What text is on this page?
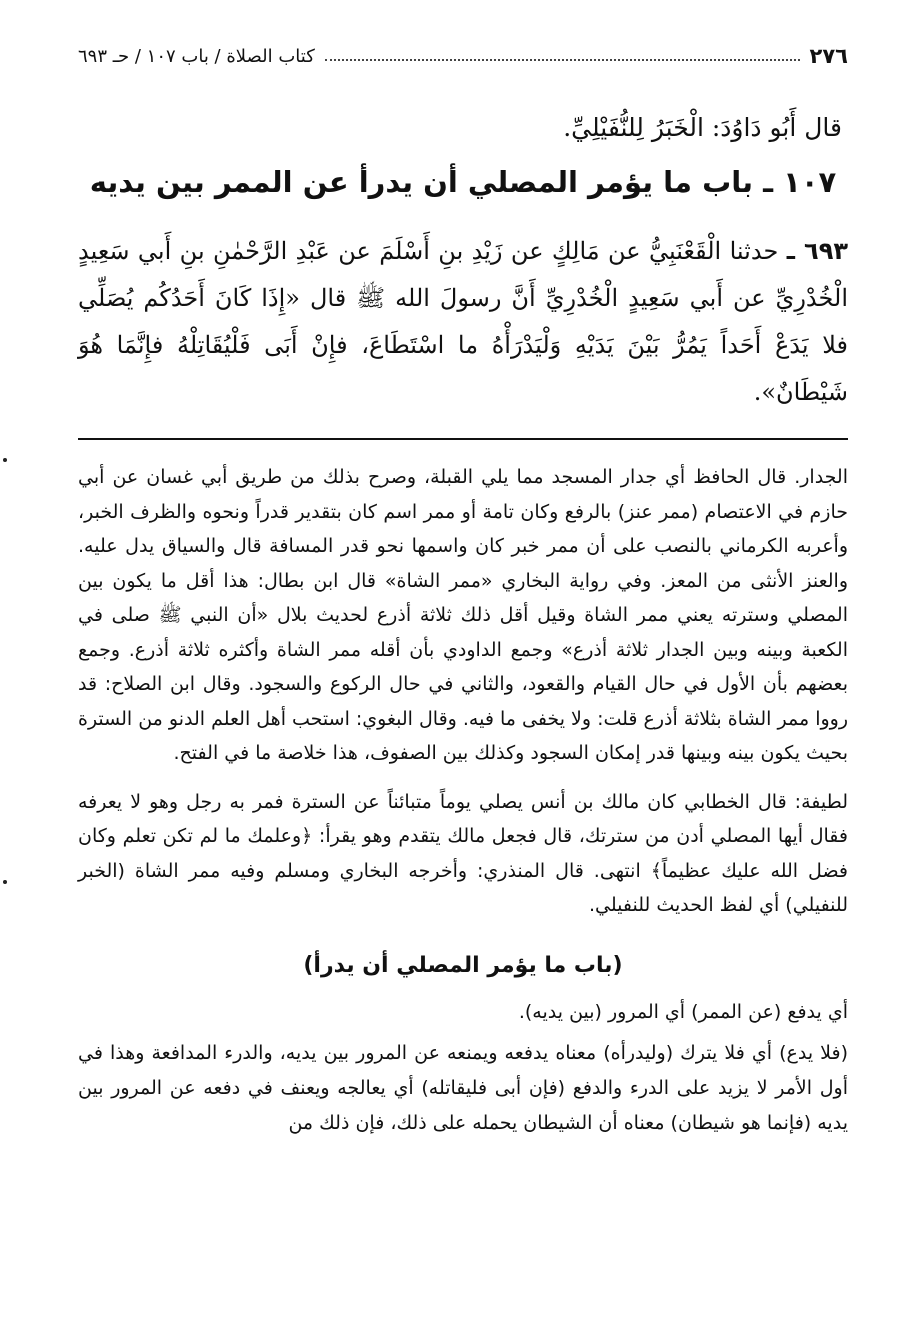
٢٧٦
كتاب الصلاة / باب ١٠٧ / حـ ٦٩٣
قال أَبُو دَاوُدَ: الْخَبَرُ لِلنُّفَيْلِيِّ.
١٠٧ ـ باب ما يؤمر المصلي أن يدرأ عن الممر بين يديه
٦٩٣ ـ حدثنا الْقَعْنَبِيُّ عن مَالِكٍ عن زَيْدِ بنِ أَسْلَمَ عن عَبْدِ الرَّحْمٰنِ بنِ أَبي سَعِيدٍ الْخُدْرِيِّ عن أَبي سَعِيدٍ الْخُدْرِيِّ أَنَّ رسولَ الله ﷺ قال «إِذَا كَانَ أَحَدُكُم يُصَلِّي فلا يَدَعْ أَحَداً يَمُرُّ بَيْنَ يَدَيْهِ وَلْيَدْرَأْهُ ما اسْتَطَاعَ، فإِنْ أَبَى فَلْيُقَاتِلْهُ فإِنَّمَا هُوَ شَيْطَانٌ».

الجدار. قال الحافظ أي جدار المسجد مما يلي القبلة، وصرح بذلك من طريق أبي غسان عن أبي حازم في الاعتصام (ممر عنز) بالرفع وكان تامة أو ممر اسم كان بتقدير قدراً ونحوه والظرف الخبر، وأعربه الكرماني بالنصب على أن ممر خبر كان واسمها نحو قدر المسافة قال والسياق يدل عليه. والعنز الأنثى من المعز. وفي رواية البخاري «ممر الشاة» قال ابن بطال: هذا أقل ما يكون بين المصلي وسترته يعني ممر الشاة وقيل أقل ذلك ثلاثة أذرع لحديث بلال «أن النبي ﷺ صلى في الكعبة وبينه وبين الجدار ثلاثة أذرع» وجمع الداودي بأن أقله ممر الشاة وأكثره ثلاثة أذرع. وجمع بعضهم بأن الأول في حال القيام والقعود، والثاني في حال الركوع والسجود. وقال ابن الصلاح: قد رووا ممر الشاة بثلاثة أذرع قلت: ولا يخفى ما فيه. وقال البغوي: استحب أهل العلم الدنو من السترة بحيث يكون بينه وبينها قدر إمكان السجود وكذلك بين الصفوف، هذا خلاصة ما في الفتح.

لطيفة: قال الخطابي كان مالك بن أنس يصلي يوماً متبائناً عن السترة فمر به رجل وهو لا يعرفه فقال أيها المصلي أدن من سترتك، قال فجعل مالك يتقدم وهو يقرأ: ﴿وعلمك ما لم تكن تعلم وكان فضل الله عليك عظيماً﴾ انتهى. قال المنذري: وأخرجه البخاري ومسلم وفيه ممر الشاة (الخبر للنفيلي) أي لفظ الحديث للنفيلي.

(باب ما يؤمر المصلي أن يدرأ)

أي يدفع (عن الممر) أي المرور (بين يديه).

(فلا يدع) أي فلا يترك (وليدرأه) معناه يدفعه ويمنعه عن المرور بين يديه، والدرء المدافعة وهذا في أول الأمر لا يزيد على الدرء والدفع (فإن أبى فليقاتله) أي يعالجه ويعنف في دفعه عن المرور بين يديه (فإنما هو شيطان) معناه أن الشيطان يحمله على ذلك، فإن ذلك من
